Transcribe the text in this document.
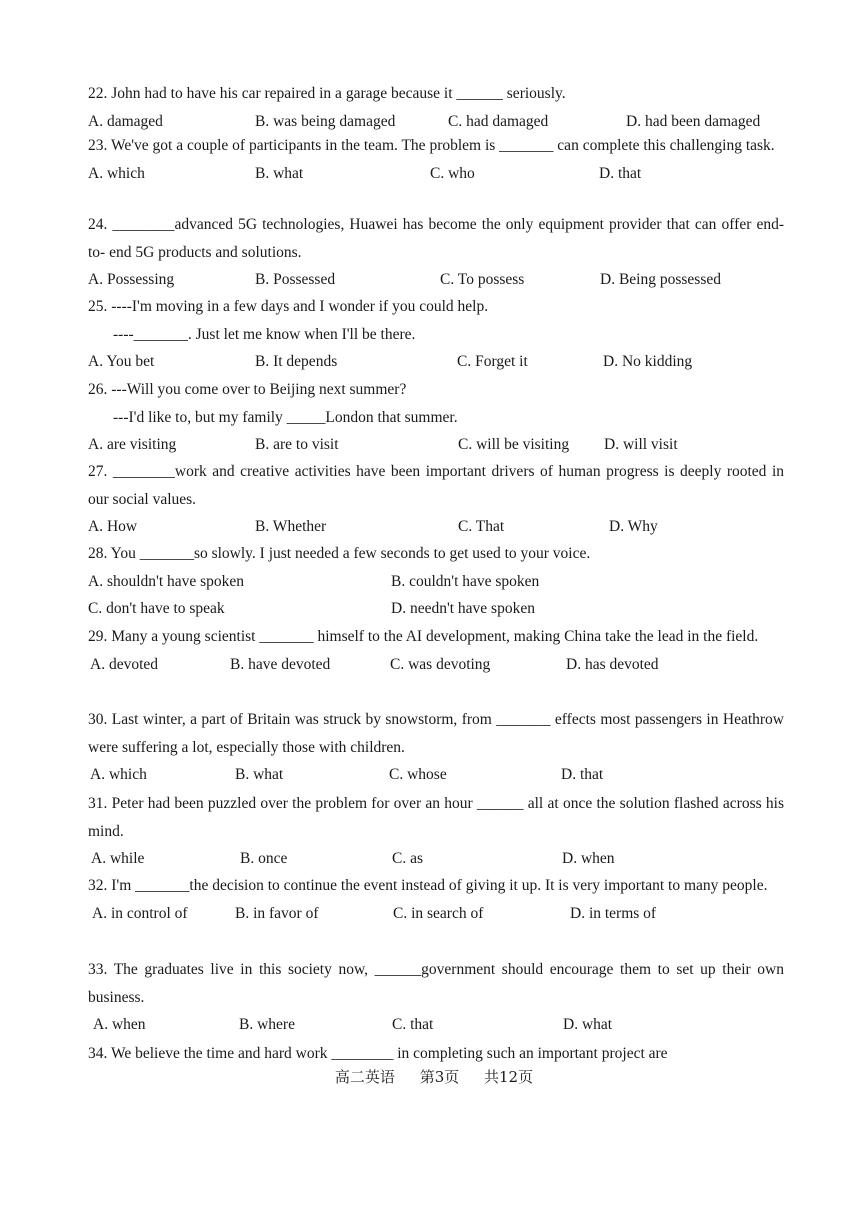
22. John had to have his car repaired in a garage because it ______ seriously.
A. damaged	B. was being damaged	C. had damaged	D. had been damaged
23. We've got a couple of participants in the team. The problem is _______ can complete this challenging task.
A. which	B. what	C. who	D. that
24. ________advanced 5G technologies, Huawei has become the only equipment provider that can offer end-to- end 5G products and solutions.
A. Possessing	B. Possessed	C. To possess	D. Being possessed
25. ----I'm moving in a few days and I wonder if you could help.
----_______. Just let me know when I'll be there.
A. You bet	B. It depends	C. Forget it	D. No kidding
26. ---Will you come over to Beijing next summer?
---I'd like to, but my family _____London that summer.
A. are visiting	B. are to visit	C. will be visiting D. will visit
27. ________work and creative activities have been important drivers of human progress is deeply rooted in our social values.
A. How	B. Whether	C. That	D. Why
28. You _______so slowly. I just needed a few seconds to get used to your voice.
A. shouldn't have spoken	B. couldn't have spoken
C. don't have to speak	D. needn't have spoken
29. Many a young scientist _______ himself to the AI development, making China take the lead in the field.
A. devoted	B. have devoted	C. was devoting	D. has devoted
30. Last winter, a part of Britain was struck by snowstorm, from _______ effects most passengers in Heathrow were suffering a lot, especially those with children.
A. which	B. what	C. whose	D. that
31. Peter had been puzzled over the problem for over an hour ______ all at once the solution flashed across his mind.
A. while	B. once	C. as	D. when
32. I'm _______the decision to continue the event instead of giving it up. It is very important to many people.
A. in control of	B. in favor of	C. in search of	D. in terms of
33. The graduates live in this society now, ______government should encourage them to set up their own business.
A. when	B. where	C. that	D. what
34. We believe the time and hard work ________ in completing such an important project are
高二英语 第3页 共12页
